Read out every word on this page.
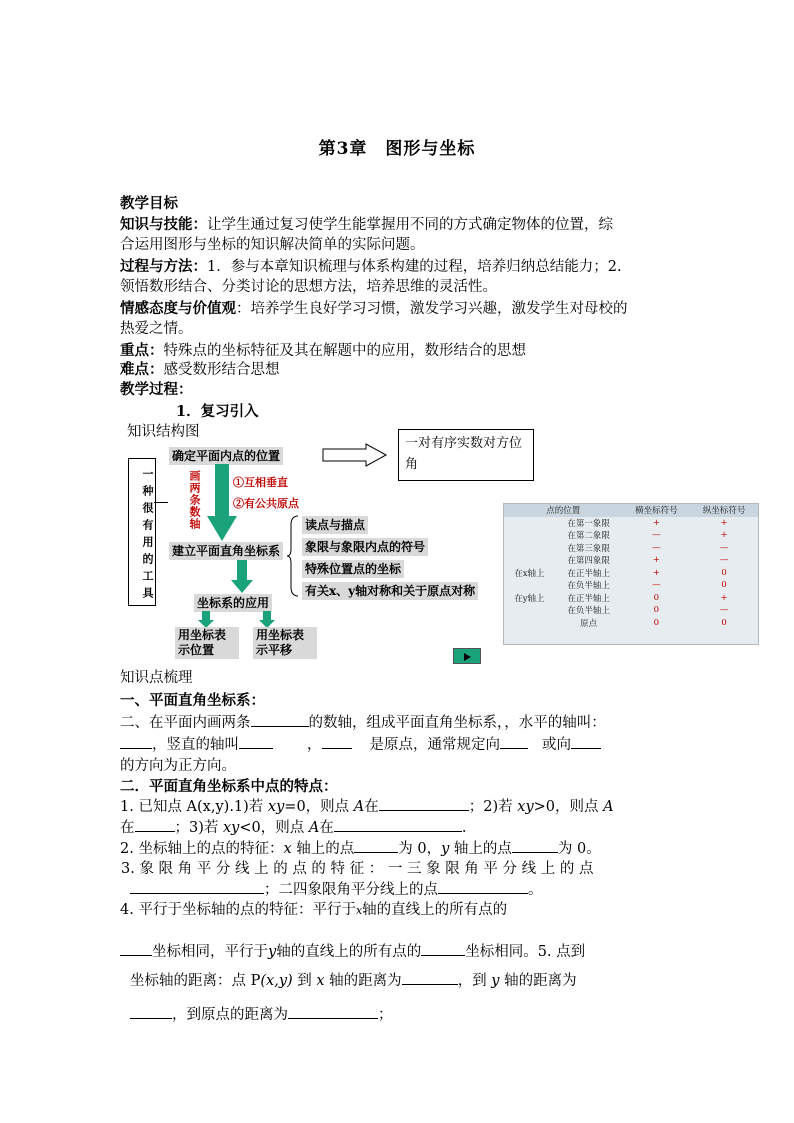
第3章　图形与坐标
教学目标
知识与技能：让学生通过复习使学生能掌握用不同的方式确定物体的位置，综
合运用图形与坐标的知识解决简单的实际问题。
过程与方法：1．参与本章知识梳理与体系构建的过程，培养归纳总结能力；2.
领悟数形结合、分类讨论的思想方法，培养思维的灵活性。
情感态度与价值观：培养学生良好学习习惯，激发学习兴趣，激发学生对母校的
热爱之情。
重点：特殊点的坐标特征及其在解题中的应用，数形结合的思想
难点：感受数形结合思想
教学过程：
1．复习引入
知识结构图
一种很有用的工具
确定平面内点的位置
一对有序实数对方位角
画两条数轴	①互相垂直
②有公共原点
建立平面直角坐标系
读点与描点
象限与象限内点的符号
特殊位置点的坐标
有关x、y轴对称和关于原点对称
坐标系的应用
用坐标表示位置
用坐标表示平移
点的位置		横坐标符号	纵坐标符号
	在第一象限	+	+
	在第二象限	—	+
	在第三象限	—	—
	在第四象限	+	—
在x轴上	在正半轴上	+	0
	在负半轴上	—	0
在y轴上	在正半轴上	0	+
	在负半轴上	0	—
	原点	0	0
知识点梳理
一、平面直角坐标系：
二、在平面内画两条	的数轴，组成平面直角坐标系，，水平的轴叫：
，竖直的轴叫	，	是原点，通常规定向	或向
的方向为正方向。
二．平面直角坐标系中点的特点：
1. 已知点 A(x,y).1)若 xy=0，则点 A在	；2)若 xy>0，则点 A
在	；3)若 xy<0，则点 A在	.
2. 坐标轴上的点的特征：x 轴上的点	为 0，y 轴上的点	为 0。
3. 象 限 角 平 分 线 上 的 点 的 特 征 ： 一 三 象 限 角 平 分 线 上 的 点
；二四象限角平分线上的点	。
4. 平行于坐标轴的点的特征：平行于x轴的直线上的所有点的
坐标相同，平行于y轴的直线上的所有点的	坐标相同。5. 点到
坐标轴的距离：点 P(x,y) 到 x 轴的距离为	，到 y 轴的距离为
，到原点的距离为	；
